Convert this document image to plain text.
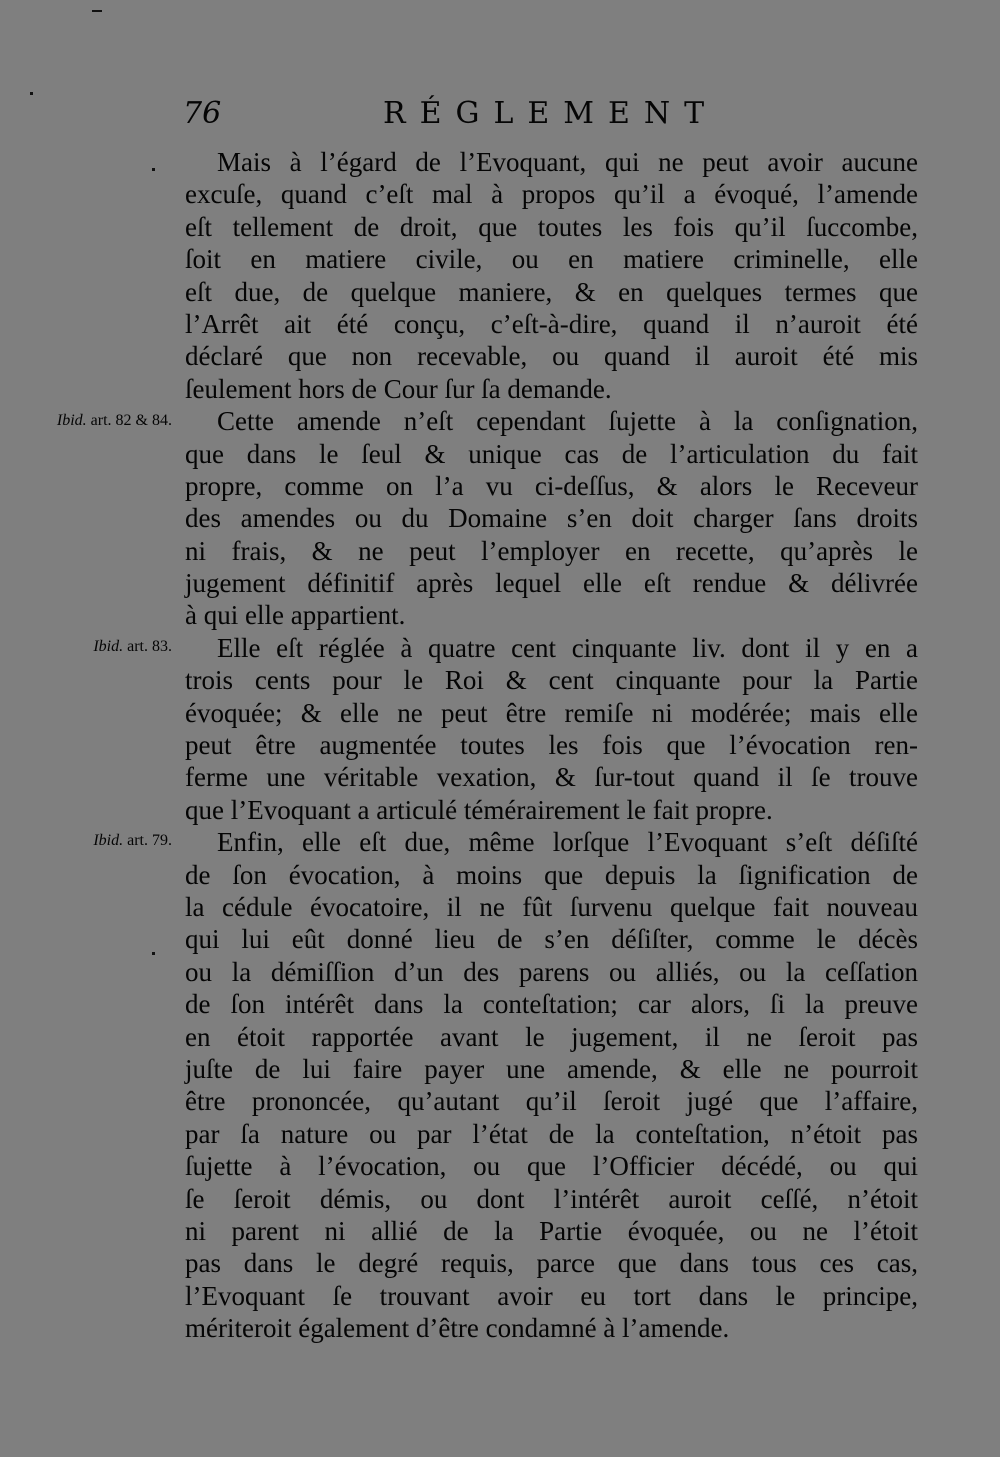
76	RÉGLEMENT
Ibid. art. 82 & 84.
Ibid. art. 83.
Ibid. art. 79.
Mais à l’égard de l’Evoquant, qui ne peut avoir aucune
excuſe, quand c’eſt mal à propos qu’il a évoqué, l’amende
eſt tellement de droit, que toutes les fois qu’il ſuccombe,
ſoit en matiere civile, ou en matiere criminelle, elle
eſt due, de quelque maniere, & en quelques termes que
l’Arrêt ait été conçu, c’eſt-à-dire, quand il n’auroit été
déclaré que non recevable, ou quand il auroit été mis
ſeulement hors de Cour ſur ſa demande.
Cette amende n’eſt cependant ſujette à la conſignation,
que dans le ſeul & unique cas de l’articulation du fait
propre, comme on l’a vu ci-deſſus, & alors le Receveur
des amendes ou du Domaine s’en doit charger ſans droits
ni frais, & ne peut l’employer en recette, qu’après le
jugement définitif après lequel elle eſt rendue & délivrée
à qui elle appartient.
Elle eſt réglée à quatre cent cinquante liv. dont il y en a
trois cents pour le Roi & cent cinquante pour la Partie
évoquée; & elle ne peut être remiſe ni modérée; mais elle
peut être augmentée toutes les fois que l’évocation ren-
ferme une véritable vexation, & ſur-tout quand il ſe trouve
que l’Evoquant a articulé témérairement le fait propre.
Enfin, elle eſt due, même lorſque l’Evoquant s’eſt déſiſté
de ſon évocation, à moins que depuis la ſignification de
la cédule évocatoire, il ne fût ſurvenu quelque fait nouveau
qui lui eût donné lieu de s’en déſiſter, comme le décès
ou la démiſſion d’un des parens ou alliés, ou la ceſſation
de ſon intérêt dans la conteſtation; car alors, ſi la preuve
en étoit rapportée avant le jugement, il ne ſeroit pas
juſte de lui faire payer une amende, & elle ne pourroit
être prononcée, qu’autant qu’il ſeroit jugé que l’affaire,
par ſa nature ou par l’état de la conteſtation, n’étoit pas
ſujette à l’évocation, ou que l’Officier décédé, ou qui
ſe ſeroit démis, ou dont l’intérêt auroit ceſſé, n’étoit
ni parent ni allié de la Partie évoquée, ou ne l’étoit
pas dans le degré requis, parce que dans tous ces cas,
l’Evoquant ſe trouvant avoir eu tort dans le principe,
mériteroit également d’être condamné à l’amende.
